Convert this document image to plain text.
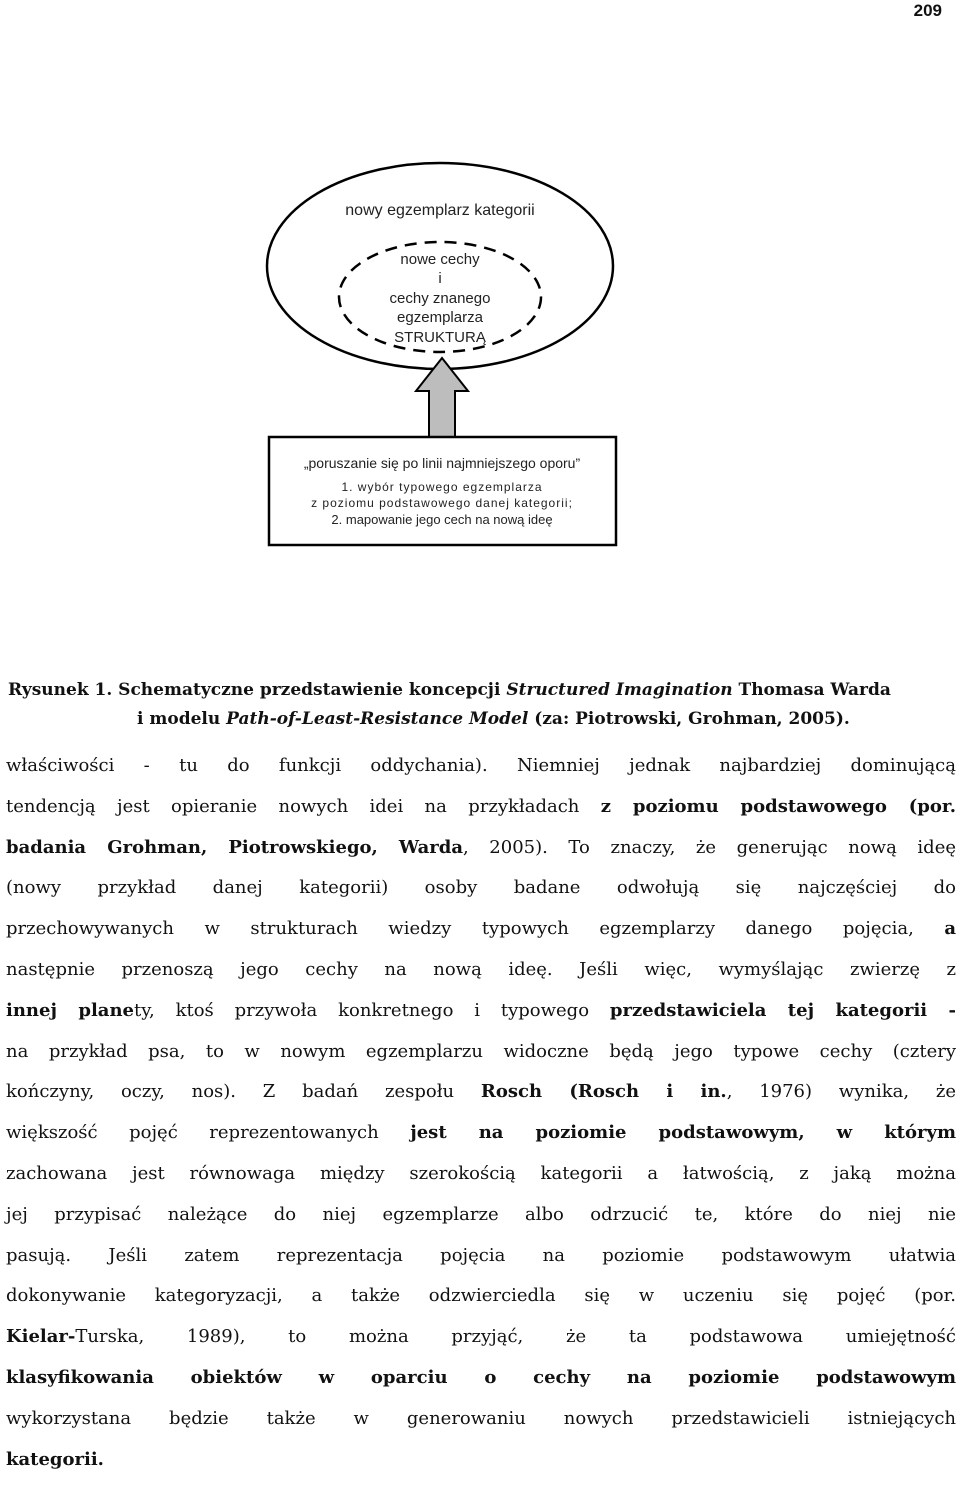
209
nowy egzemplarz kategorii
nowe cechy
i
cechy znanego
egzemplarza
STRUKTURĄ
„poruszanie się po linii najmniejszego oporu”
1. wybór typowego egzemplarza
z poziomu podstawowego danej kategorii;
2. mapowanie jego cech na nową ideę
Rysunek 1. Schematyczne przedstawienie koncepcji Structured Imagination Thomasa Warda
i modelu Path-of-Least-Resistance Model (za: Piotrowski, Grohman, 2005).
właściwości - tu do funkcji oddychania). Niemniej jednak najbardziej dominującą
tendencją jest opieranie nowych idei na przykładach z poziomu podstawowego (por.
badania Grohman, Piotrowskiego, Warda, 2005). To znaczy, że generując nową ideę
(nowy przykład danej kategorii) osoby badane odwołują się najczęściej do
przechowywanych w strukturach wiedzy typowych egzemplarzy danego pojęcia, a
następnie przenoszą jego cechy na nową ideę. Jeśli więc, wymyślając zwierzę z
innej planety, ktoś przywoła konkretnego i typowego przedstawiciela tej kategorii -
na przykład psa, to w nowym egzemplarzu widoczne będą jego typowe cechy (cztery
kończyny, oczy, nos). Z badań zespołu Rosch (Rosch i in., 1976) wynika, że
większość pojęć reprezentowanych jest na poziomie podstawowym, w którym
zachowana jest równowaga między szerokością kategorii a łatwością, z jaką można
jej przypisać należące do niej egzemplarze albo odrzucić te, które do niej nie
pasują. Jeśli zatem reprezentacja pojęcia na poziomie podstawowym ułatwia
dokonywanie kategoryzacji, a także odzwierciedla się w uczeniu się pojęć (por.
Kielar-Turska, 1989), to można przyjąć, że ta podstawowa umiejętność
klasyfikowania obiektów w oparciu o cechy na poziomie podstawowym
wykorzystana będzie także w generowaniu nowych przedstawicieli istniejących
kategorii.
